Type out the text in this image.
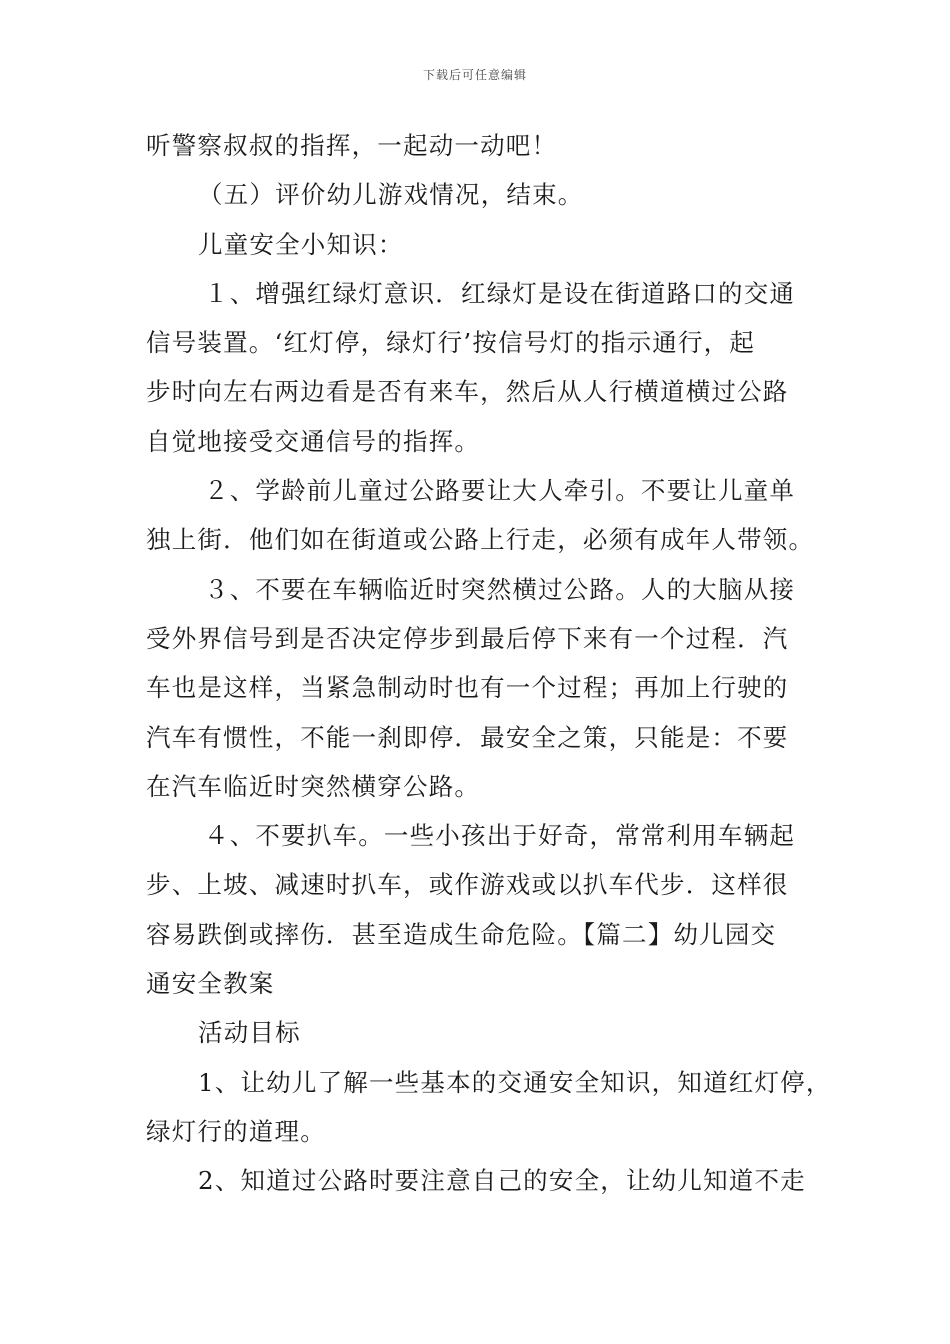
下载后可任意编辑
听警察叔叔的指挥，一起动一动吧！
（五）评价幼儿游戏情况，结束。
儿童安全小知识：
１、增强红绿灯意识．红绿灯是设在街道路口的交通
信号装置。‘红灯停，绿灯行’按信号灯的指示通行，起
步时向左右两边看是否有来车，然后从人行横道横过公路
自觉地接受交通信号的指挥。
２、学龄前儿童过公路要让大人牵引。不要让儿童单
独上街．他们如在街道或公路上行走，必须有成年人带领。
３、不要在车辆临近时突然横过公路。人的大脑从接
受外界信号到是否决定停步到最后停下来有一个过程．汽
车也是这样，当紧急制动时也有一个过程；再加上行驶的
汽车有惯性，不能一刹即停．最安全之策，只能是：不要
在汽车临近时突然横穿公路。
４、不要扒车。一些小孩出于好奇，常常利用车辆起
步、上坡、减速时扒车，或作游戏或以扒车代步．这样很
容易跌倒或摔伤．甚至造成生命危险。【篇二】幼儿园交
通安全教案
活动目标
1、让幼儿了解一些基本的交通安全知识，知道红灯停，
绿灯行的道理。
2、知道过公路时要注意自己的安全，让幼儿知道不走
